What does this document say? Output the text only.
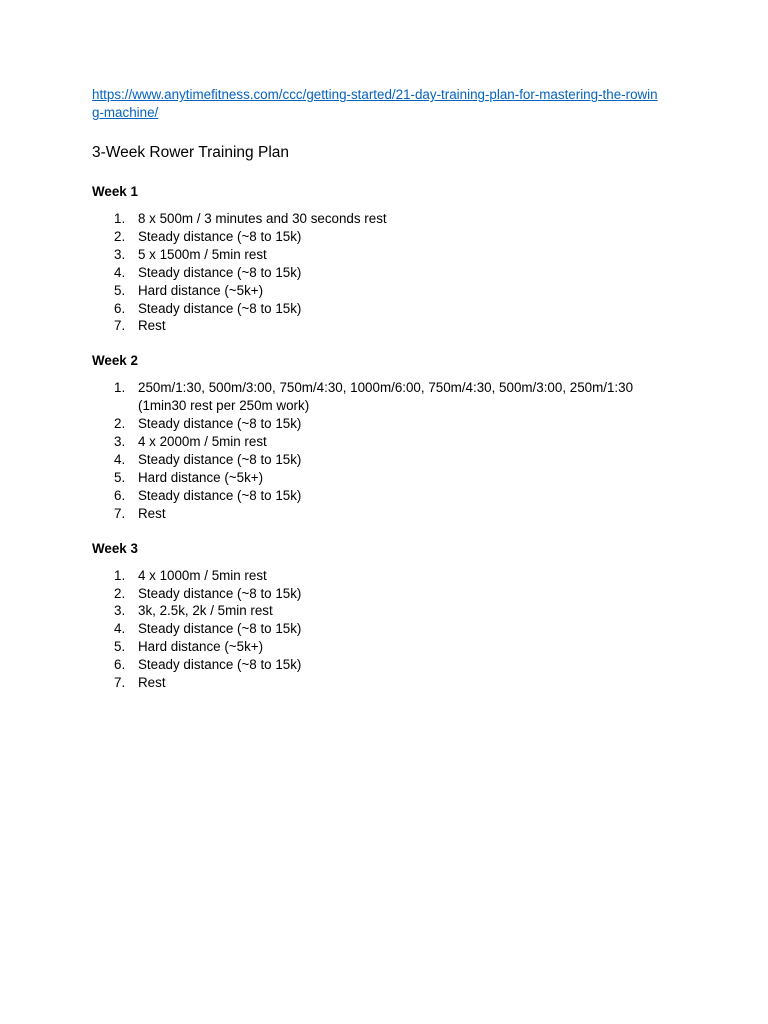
https://www.anytimefitness.com/ccc/getting-started/21-day-training-plan-for-mastering-the-rowing-machine/
3-Week Rower Training Plan
Week 1
1. 8 x 500m / 3 minutes and 30 seconds rest
2. Steady distance (~8 to 15k)
3. 5 x 1500m / 5min rest
4. Steady distance (~8 to 15k)
5. Hard distance (~5k+)
6. Steady distance (~8 to 15k)
7. Rest
Week 2
1. 250m/1:30, 500m/3:00, 750m/4:30, 1000m/6:00, 750m/4:30, 500m/3:00, 250m/1:30 (1min30 rest per 250m work)
2. Steady distance (~8 to 15k)
3. 4 x 2000m / 5min rest
4. Steady distance (~8 to 15k)
5. Hard distance (~5k+)
6. Steady distance (~8 to 15k)
7. Rest
Week 3
1. 4 x 1000m / 5min rest
2. Steady distance (~8 to 15k)
3. 3k, 2.5k, 2k / 5min rest
4. Steady distance (~8 to 15k)
5. Hard distance (~5k+)
6. Steady distance (~8 to 15k)
7. Rest
